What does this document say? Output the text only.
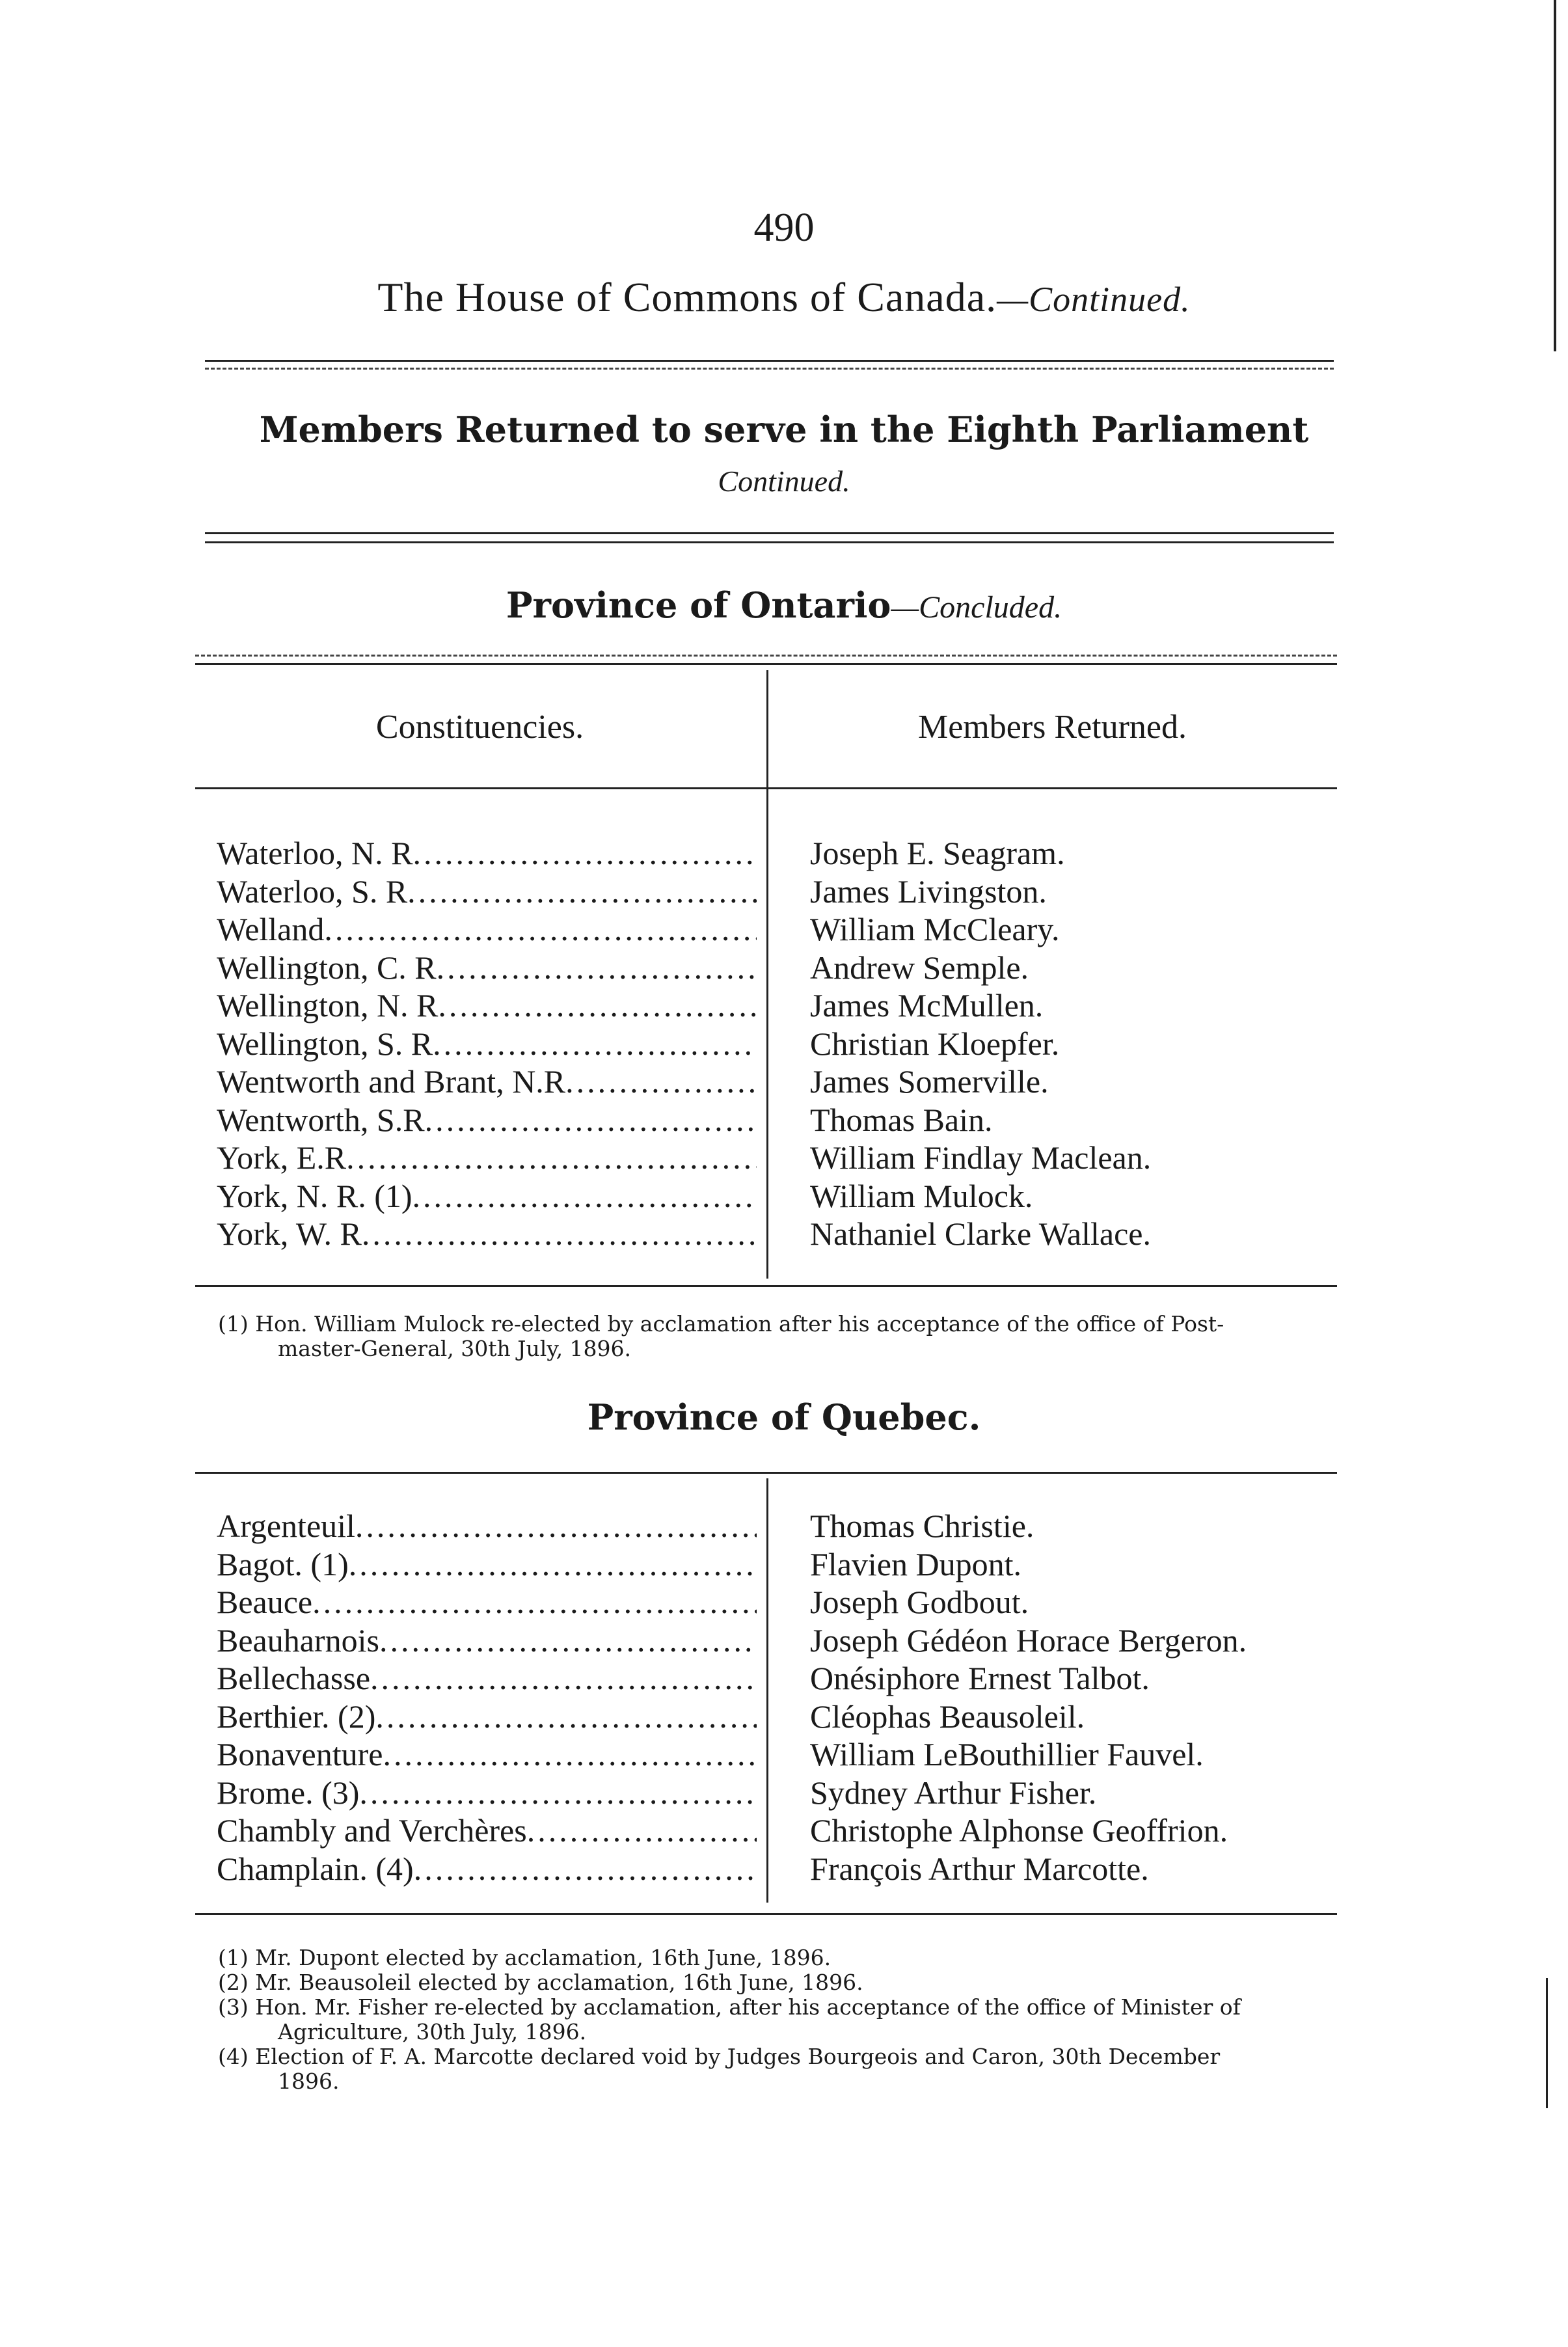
490
The House of Commons of Canada.—Continued.
Members Returned to serve in the Eighth Parliament
Continued.
Province of Ontario—Concluded.
Constituencies.	Members Returned.
Waterloo, N. R
.....
Waterloo, S. R
.....
Welland
.....
Wellington, C. R
.....
Wellington, N. R
.....
Wellington, S. R
.....
Wentworth and Brant, N.R
.....
Wentworth, S.R
.....
York, E.R
.....
York, N. R. (1)
.....
York, W. R
.....
Joseph E. Seagram.
James Livingston.
William McCleary.
Andrew Semple.
James McMullen.
Christian Kloepfer.
James Somerville.
Thomas Bain.
William Findlay Maclean.
William Mulock.
Nathaniel Clarke Wallace.
(1) Hon. William Mulock re-elected by acclamation after his acceptance of the office of Post-
master-General, 30th July, 1896.
Province of Quebec.
Argenteuil
.....
Bagot. (1)
.....
Beauce
.....
Beauharnois
.....
Bellechasse
.....
Berthier. (2)
.....
Bonaventure
.....
Brome. (3)
.....
Chambly and Verchères
.....
Champlain. (4)
.....
Thomas Christie.
Flavien Dupont.
Joseph Godbout.
Joseph Gédéon Horace Bergeron.
Onésiphore Ernest Talbot.
Cléophas Beausoleil.
William LeBouthillier Fauvel.
Sydney Arthur Fisher.
Christophe Alphonse Geoffrion.
François Arthur Marcotte.
(1) Mr. Dupont elected by acclamation, 16th June, 1896.
(2) Mr. Beausoleil elected by acclamation, 16th June, 1896.
(3) Hon. Mr. Fisher re-elected by acclamation, after his acceptance of the office of Minister of
Agriculture, 30th July, 1896.
(4) Election of F. A. Marcotte declared void by Judges Bourgeois and Caron, 30th December
1896.
